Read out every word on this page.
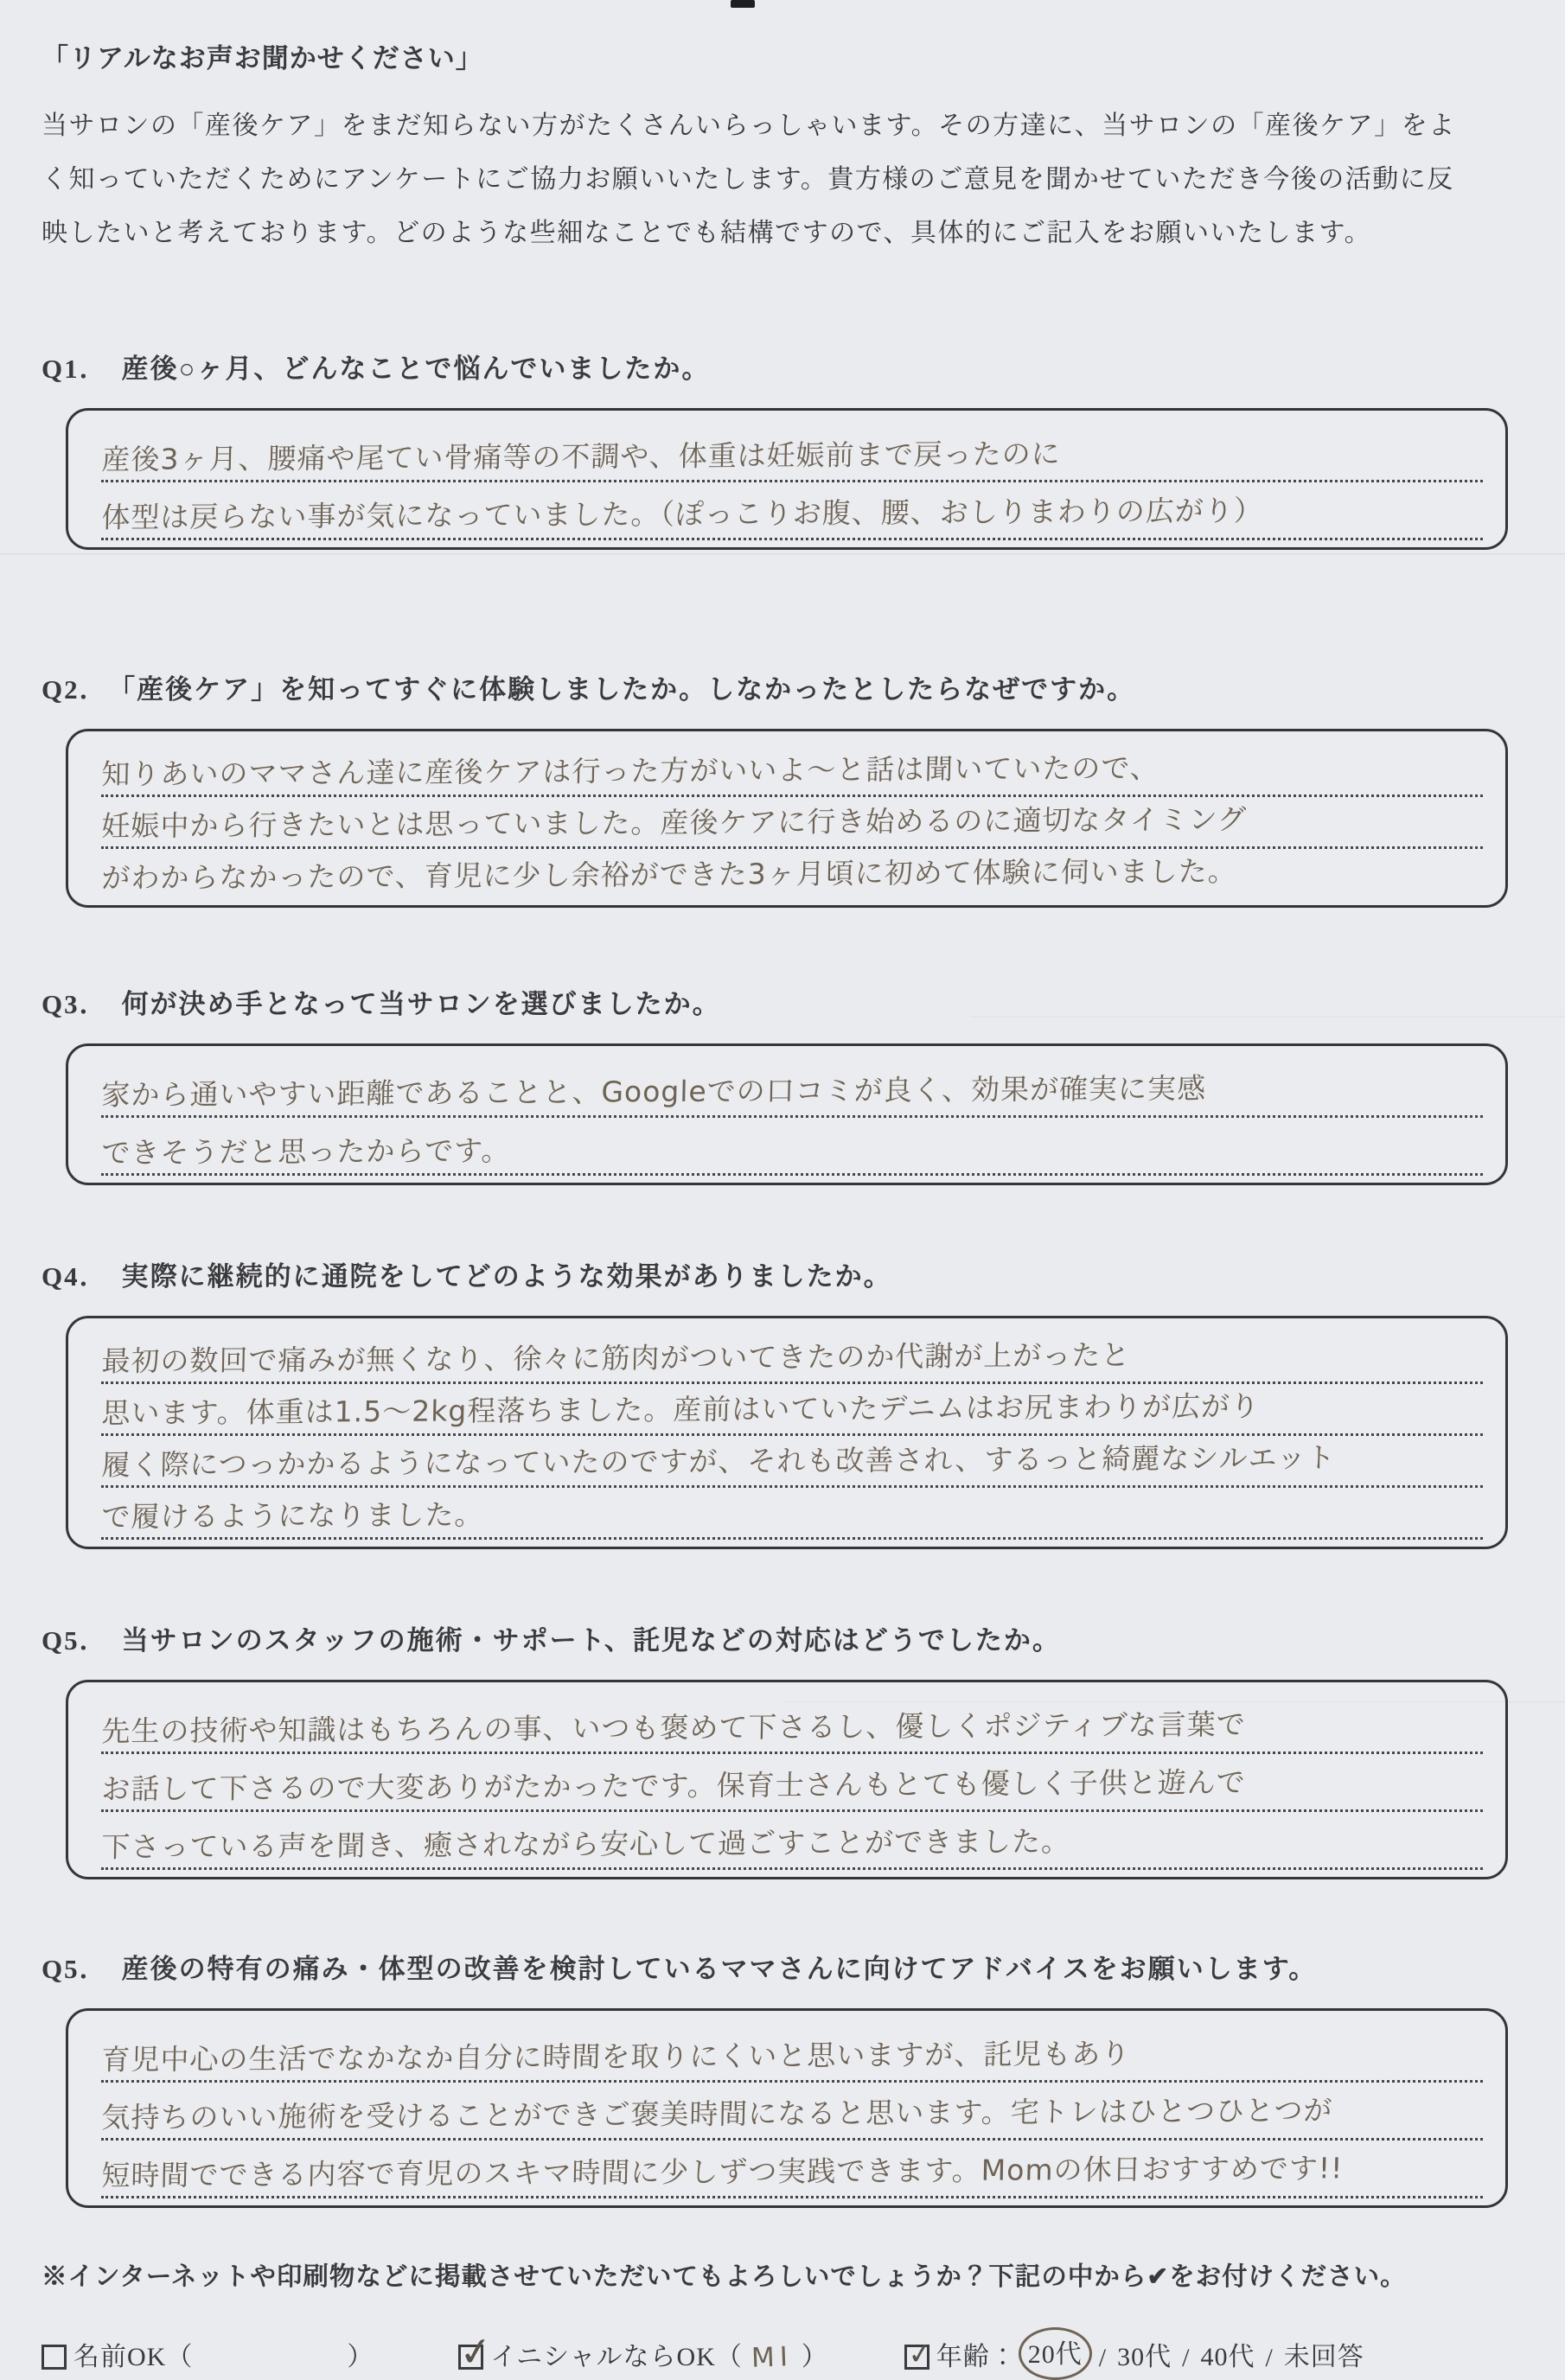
「リアルなお声お聞かせください」
当サロンの「産後ケア」をまだ知らない方がたくさんいらっしゃいます。その方達に、当サロンの「産後ケア」をよ
く知っていただくためにアンケートにご協力お願いいたします。貴方様のご意見を聞かせていただき今後の活動に反
映したいと考えております。どのような些細なことでも結構ですので、具体的にご記入をお願いいたします。
Q1． 産後○ヶ月、どんなことで悩んでいましたか。
産後3ヶ月、腰痛や尾てい骨痛等の不調や、体重は妊娠前まで戻ったのに
体型は戻らない事が気になっていました。（ぽっこりお腹、腰、おしりまわりの広がり）
Q2． 「産後ケア」を知ってすぐに体験しましたか。しなかったとしたらなぜですか。
知りあいのママさん達に産後ケアは行った方がいいよ〜と話は聞いていたので、
妊娠中から行きたいとは思っていました。産後ケアに行き始めるのに適切なタイミング
がわからなかったので、育児に少し余裕ができた3ヶ月頃に初めて体験に伺いました。
Q3． 何が決め手となって当サロンを選びましたか。
家から通いやすい距離であることと、Googleでの口コミが良く、効果が確実に実感
できそうだと思ったからです。
Q4． 実際に継続的に通院をしてどのような効果がありましたか。
最初の数回で痛みが無くなり、徐々に筋肉がついてきたのか代謝が上がったと
思います。体重は1.5〜2kg程落ちました。産前はいていたデニムはお尻まわりが広がり
履く際につっかかるようになっていたのですが、それも改善され、するっと綺麗なシルエット
で履けるようになりました。
Q5． 当サロンのスタッフの施術・サポート、託児などの対応はどうでしたか。
先生の技術や知識はもちろんの事、いつも褒めて下さるし、優しくポジティブな言葉で
お話して下さるので大変ありがたかったです。保育士さんもとても優しく子供と遊んで
下さっている声を聞き、癒されながら安心して過ごすことができました。
Q5． 産後の特有の痛み・体型の改善を検討しているママさんに向けてアドバイスをお願いします。
育児中心の生活でなかなか自分に時間を取りにくいと思いますが、託児もあり
気持ちのいい施術を受けることができご褒美時間になると思います。宅トレはひとつひとつが
短時間でできる内容で育児のスキマ時間に少しずつ実践できます。Momの休日おすすめです!!
※インターネットや印刷物などに掲載させていただいてもよろしいでしょうか？下記の中から✔をお付けください。
名前OK（	） ✓
イニシャルならOK（ MI ）	✓ 年齢： 20代 / 30代 / 40代 / 未回答
